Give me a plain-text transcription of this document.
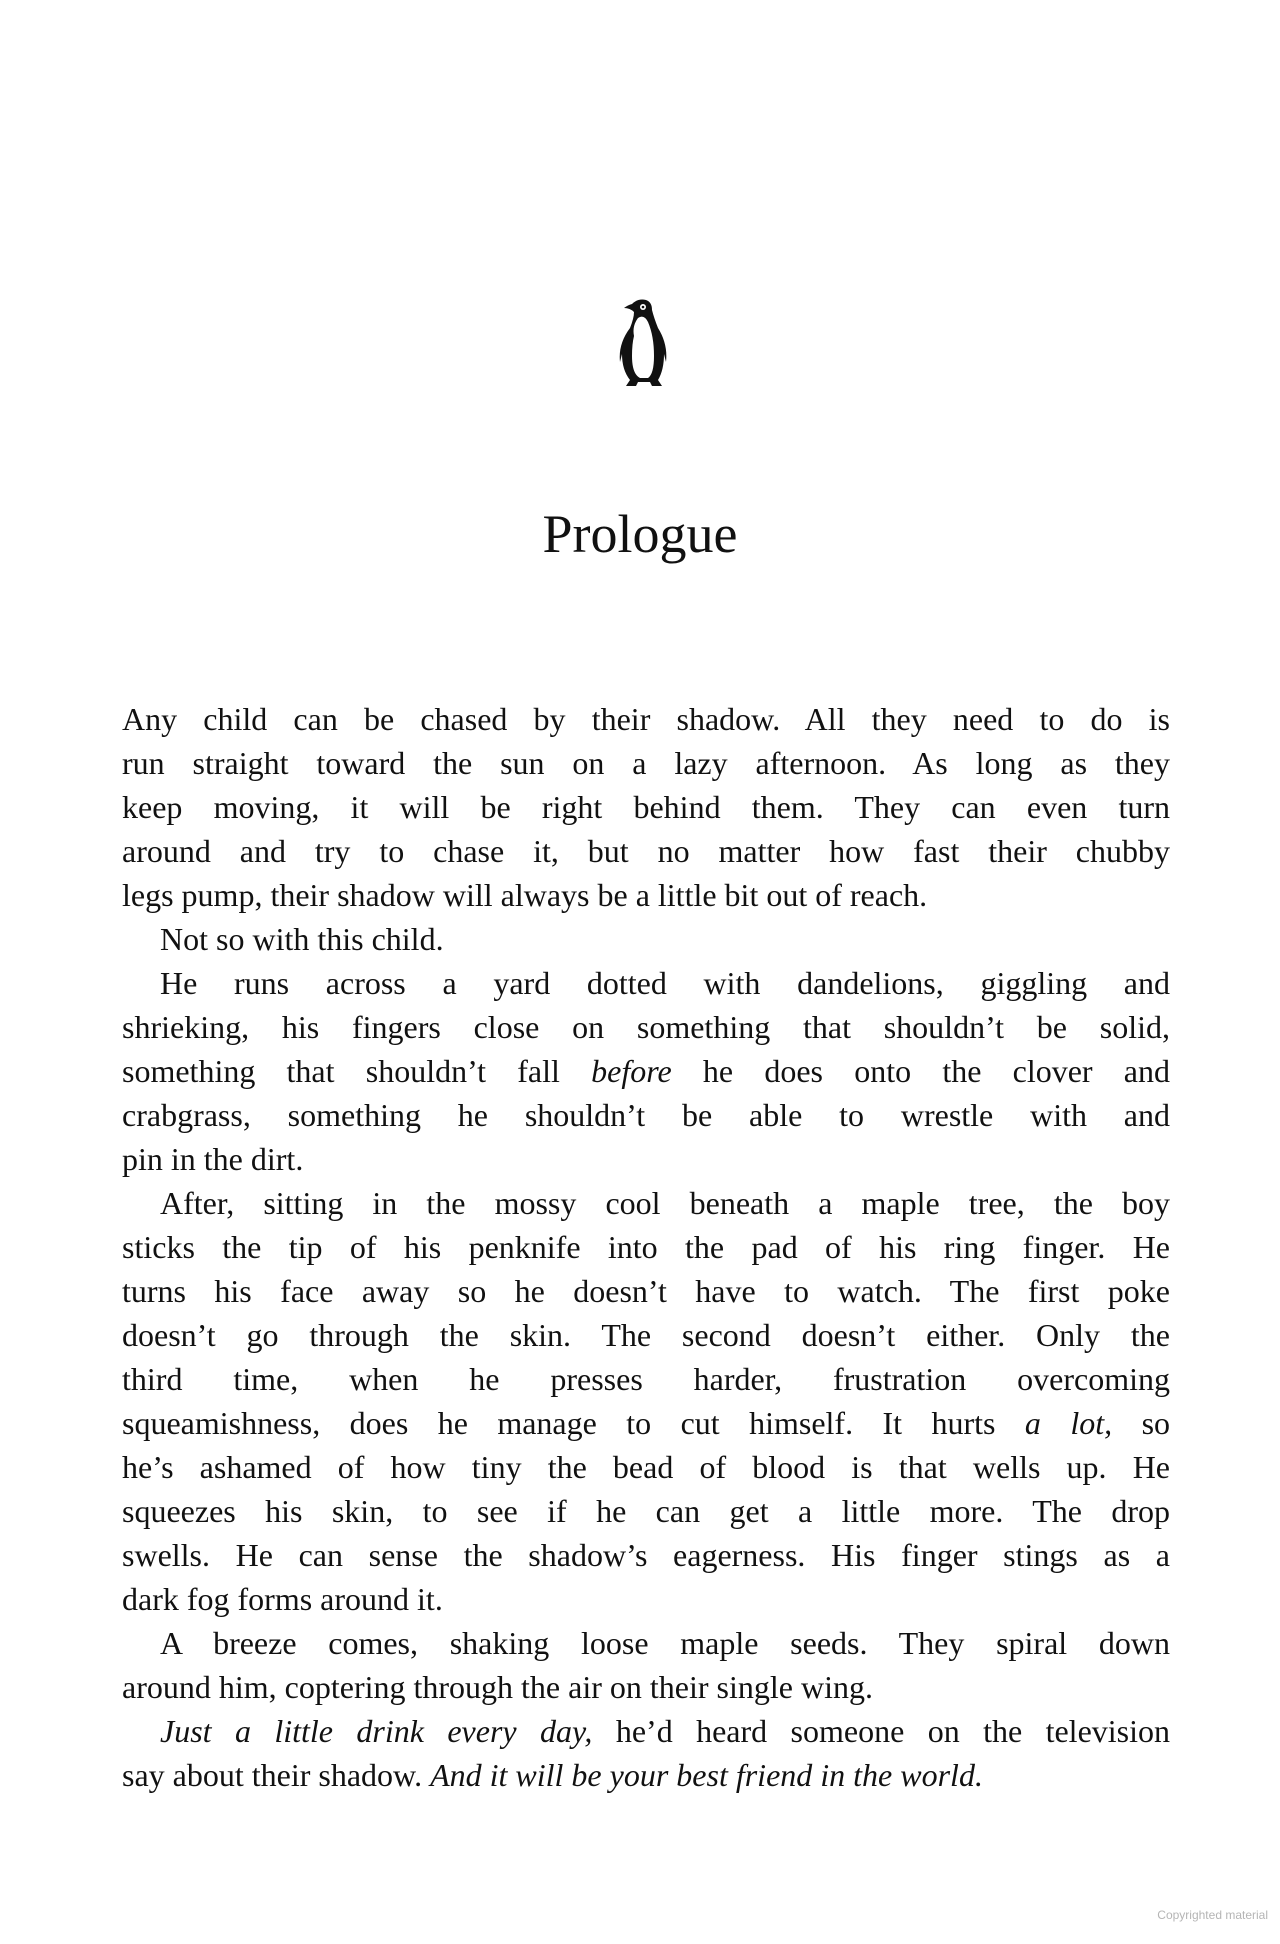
Prologue
Any child can be chased by their shadow. All they need to do is
run straight toward the sun on a lazy afternoon. As long as they
keep moving, it will be right behind them. They can even turn
around and try to chase it, but no matter how fast their chubby
legs pump, their shadow will always be a little bit out of reach.
Not so with this child.
He runs across a yard dotted with dandelions, giggling and
shrieking, his fingers close on something that shouldn’t be solid,
something that shouldn’t fall before he does onto the clover and
crabgrass, something he shouldn’t be able to wrestle with and
pin in the dirt.
After, sitting in the mossy cool beneath a maple tree, the boy
sticks the tip of his penknife into the pad of his ring finger. He
turns his face away so he doesn’t have to watch. The first poke
doesn’t go through the skin. The second doesn’t either. Only the
third time, when he presses harder, frustration overcoming
squeamishness, does he manage to cut himself. It hurts a lot, so
he’s ashamed of how tiny the bead of blood is that wells up. He
squeezes his skin, to see if he can get a little more. The drop
swells. He can sense the shadow’s eagerness. His finger stings as a
dark fog forms around it.
A breeze comes, shaking loose maple seeds. They spiral down
around him, coptering through the air on their single wing.
Just a little drink every day, he’d heard someone on the television
say about their shadow. And it will be your best friend in the world.
Copyrighted material
